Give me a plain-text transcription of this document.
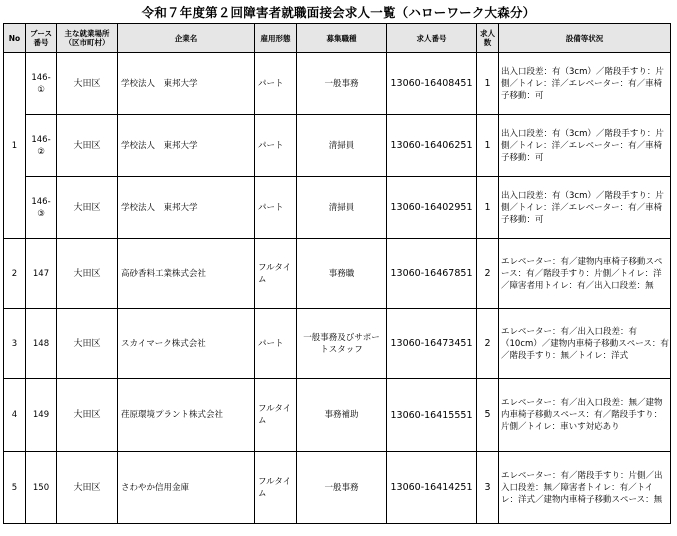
令和７年度第２回障害者就職面接会求人一覧（ハローワーク大森分）
No	ブース番号	主な就業場所（区市町村）	企業名	雇用形態	募集職種	求人番号	求人数	設備等状況
1	146-①	大田区	学校法人　東邦大学	パート	一般事務	13060-16408451	1	出入口段差：有（3cm）／階段手すり：片側／トイレ：洋／エレベーター：有／車椅子移動：可
	146-②	大田区	学校法人　東邦大学	パート	清掃員	13060-16406251	1	出入口段差：有（3cm）／階段手すり：片側／トイレ：洋／エレベーター：有／車椅子移動：可
	146-③	大田区	学校法人　東邦大学	パート	清掃員	13060-16402951	1	出入口段差：有（3cm）／階段手すり：片側／トイレ：洋／エレベーター：有／車椅子移動：可
2	147	大田区	高砂香料工業株式会社	フルタイム	事務職	13060-16467851	2	エレベーター：有／建物内車椅子移動スペース：有／階段手すり：片側／トイレ：洋／障害者用トイレ：有／出入口段差：無
3	148	大田区	スカイマーク株式会社	パート	一般事務及びサポートスタッフ	13060-16473451	2	エレベーター：有／出入口段差：有（10cm）／建物内車椅子移動スペース：有／階段手すり：無／トイレ：洋式
4	149	大田区	荏原環境プラント株式会社	フルタイム	事務補助	13060-16415551	5	エレベーター：有／出入口段差：無／建物内車椅子移動スペース：有／階段手すり：片側／トイレ：車いす対応あり
5	150	大田区	さわやか信用金庫	フルタイム	一般事務	13060-16414251	3	エレベーター：有／階段手すり：片側／出入口段差：無／障害者トイレ：有／トイレ：洋式／建物内車椅子移動スペース：無
